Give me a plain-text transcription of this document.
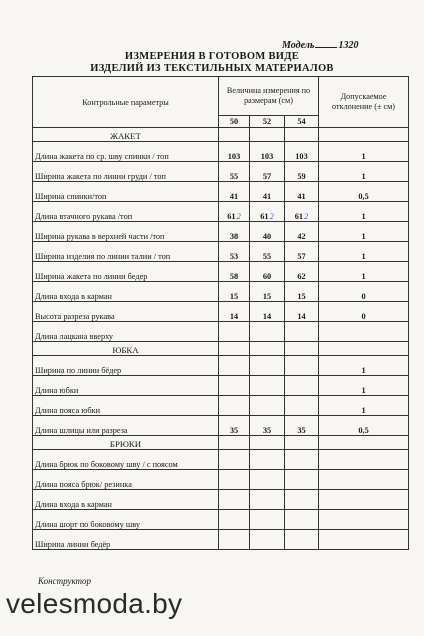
Модель 1320
ИЗМЕРЕНИЯ В ГОТОВОМ ВИДЕ
ИЗДЕЛИЙ ИЗ ТЕКСТИЛЬНЫХ МАТЕРИАЛОВ
Контрольные параметры	Величина измерения по размерам (см)			Допускаемое отклонение (± см)
	50	52	54	
ЖАКЕТ				
Длина жакета по ср. шву спинки / топ	103	103	103	1
Ширина жакета по линии груди / топ	55	57	59	1
Ширина спинки/топ	41	41	41	0,5
Длина втачного рукава /топ	612	612	612	1
Ширина рукава в верхней части /топ	38	40	42	1
Ширина изделия по линии талии / топ	53	55	57	1
Ширина жакета по линии бедер	58	60	62	1
Длина входа в карман	15	15	15	0
Высота разреза рукава	14	14	14	0
Длина лацкана вверху				
ЮБКА				
Ширина по линии бёдер				1
Длина юбки				1
Длина пояса юбки				1
Длина шлицы или разреза	35	35	35	0,5
БРЮКИ				
Длина брюк по боковому шву / с поясом				
Длина пояса брюк/ резинка				
Длина входа в карман				
Длина шорт по боковому шву				
Ширина линии бедёр				
Конструктор
velesmoda.by
